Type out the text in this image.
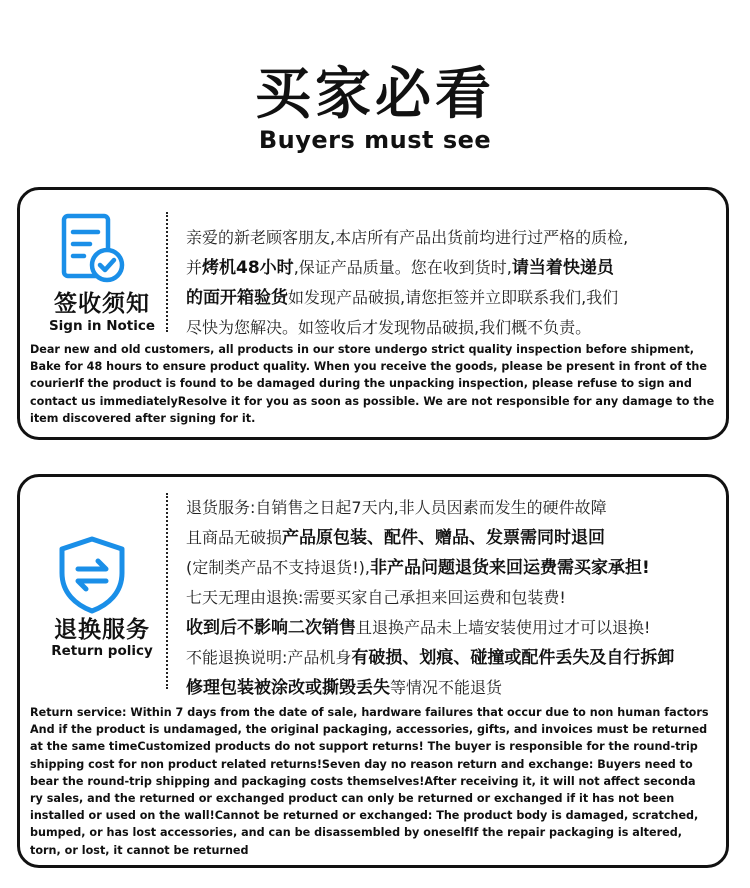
买家必看
Buyers must see
签收须知
Sign in Notice
亲爱的新老顾客朋友,本店所有产品出货前均进行过严格的质检,
并烤机48小时,保证产品质量。您在收到货时,请当着快递员
的面开箱验货如发现产品破损,请您拒签并立即联系我们,我们
尽快为您解决。如签收后才发现物品破损,我们概不负责。
Dear new and old customers, all products in our store undergo strict quality inspection before shipment,
Bake for 48 hours to ensure product quality. When you receive the goods, please be present in front of the
courierIf the product is found to be damaged during the unpacking inspection, please refuse to sign and
contact us immediatelyResolve it for you as soon as possible. We are not responsible for any damage to the
item discovered after signing for it.
退换服务
Return policy
退货服务:自销售之日起7天内,非人员因素而发生的硬件故障
且商品无破损产品原包装、配件、赠品、发票需同时退回
(定制类产品不支持退货!),非产品问题退货来回运费需买家承担!
七天无理由退换:需要买家自己承担来回运费和包装费!
收到后不影响二次销售且退换产品未上墙安装使用过才可以退换!
不能退换说明:产品机身有破损、划痕、碰撞或配件丢失及自行拆卸
修理包装被涂改或撕毁丢失等情况不能退货
Return service: Within 7 days from the date of sale, hardware failures that occur due to non human factors
And if the product is undamaged, the original packaging, accessories, gifts, and invoices must be returned
at the same timeCustomized products do not support returns! The buyer is responsible for the round-trip
shipping cost for non product related returns!Seven day no reason return and exchange: Buyers need to
bear the round-trip shipping and packaging costs themselves!After receiving it, it will not affect seconda
ry sales, and the returned or exchanged product can only be returned or exchanged if it has not been
installed or used on the wall!Cannot be returned or exchanged: The product body is damaged, scratched,
bumped, or has lost accessories, and can be disassembled by oneselfIf the repair packaging is altered,
torn, or lost, it cannot be returned
